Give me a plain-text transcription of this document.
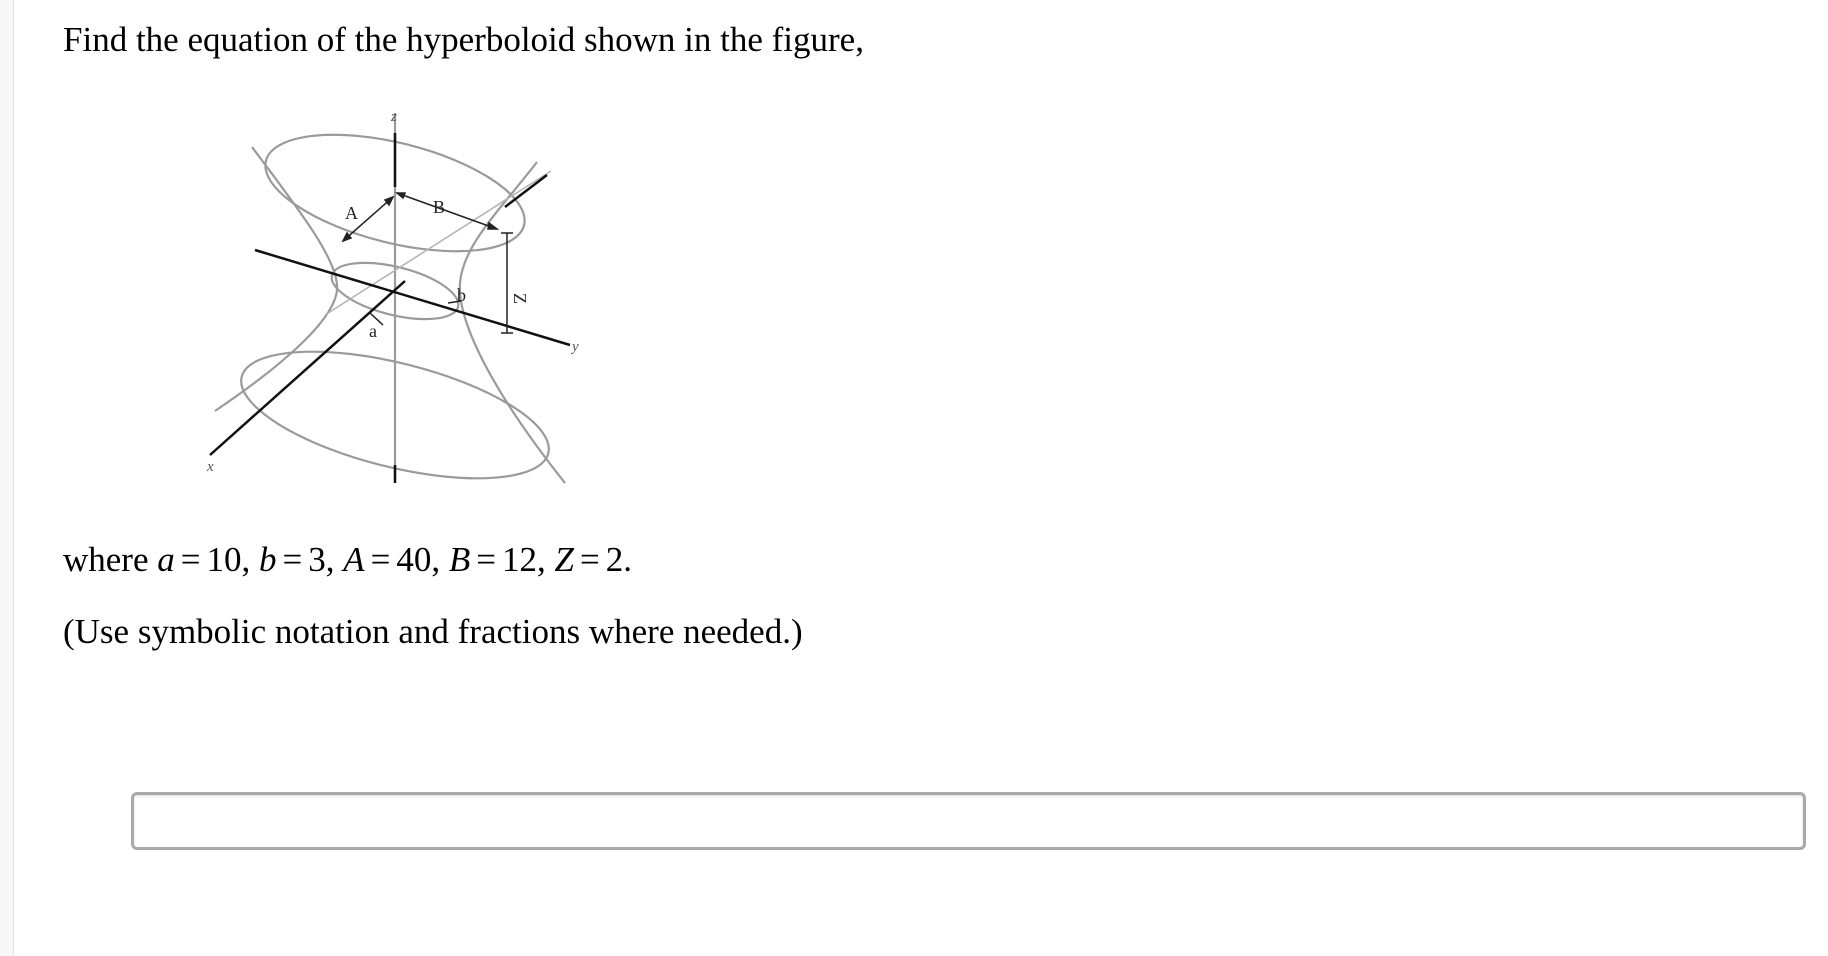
Find the equation of the hyperboloid shown in the figure,

A	B
Z
a
b
x
y
z

where a = 10, b = 3, A = 40, B = 12, Z = 2.

(Use symbolic notation and fractions where needed.)
